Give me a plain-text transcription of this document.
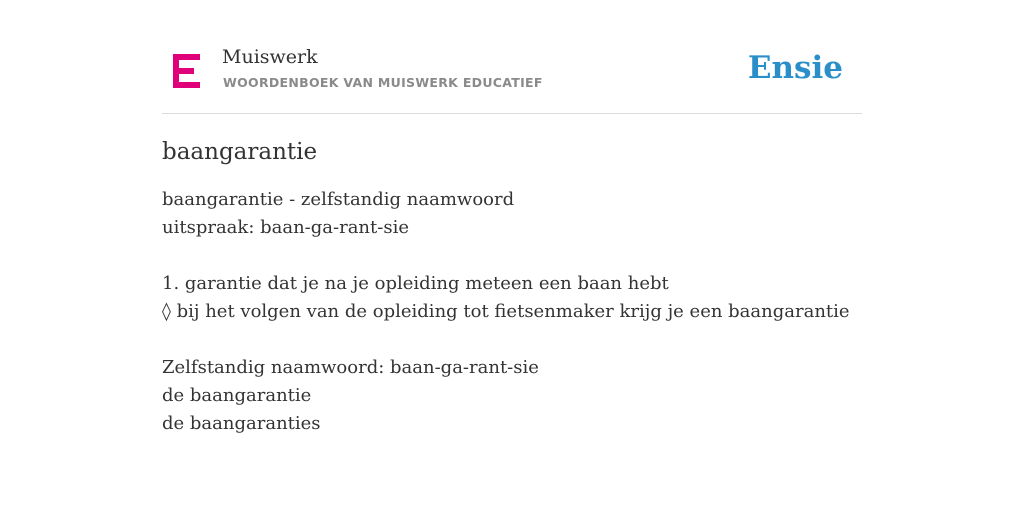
Muiswerk
WOORDENBOEK VAN MUISWERK EDUCATIEF	Ensie
baangarantie
baangarantie - zelfstandig naamwoord
uitspraak: baan-ga-rant-sie
1. garantie dat je na je opleiding meteen een baan hebt
◊ bij het volgen van de opleiding tot fietsenmaker krijg je een baangarantie
Zelfstandig naamwoord: baan-ga-rant-sie
de baangarantie
de baangaranties
